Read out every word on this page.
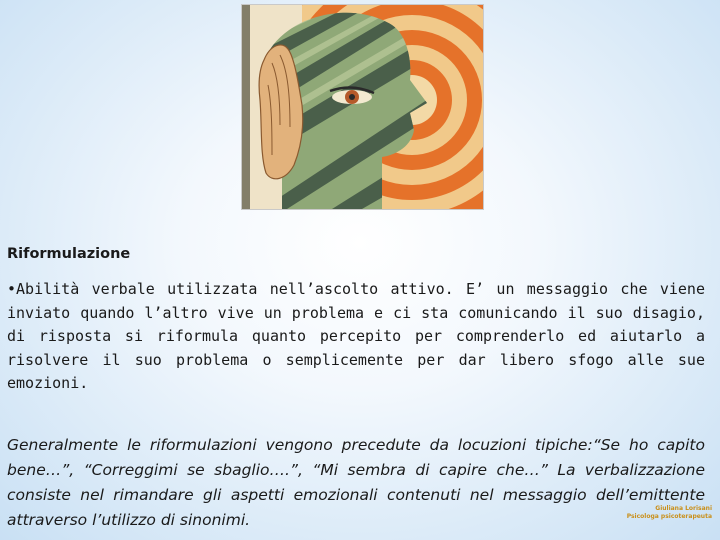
Riformulazione

•Abilità verbale utilizzata nell’ascolto attivo. E’ un messaggio che viene inviato quando l’altro vive un problema e ci sta comunicando il suo disagio, di risposta si riformula quanto percepito per comprenderlo ed aiutarlo a risolvere il suo problema o semplicemente per dar libero sfogo alle sue emozioni.

Generalmente le riformulazioni vengono precedute da locuzioni tipiche:“Se ho capito bene…”, “Correggimi se sbaglio….”, “Mi sembra di capire che…” La verbalizzazione consiste nel rimandare gli aspetti emozionali contenuti nel messaggio dell’emittente attraverso l’utilizzo di sinonimi.

Giuliana Lorisani
Psicologa psicoterapeuta
